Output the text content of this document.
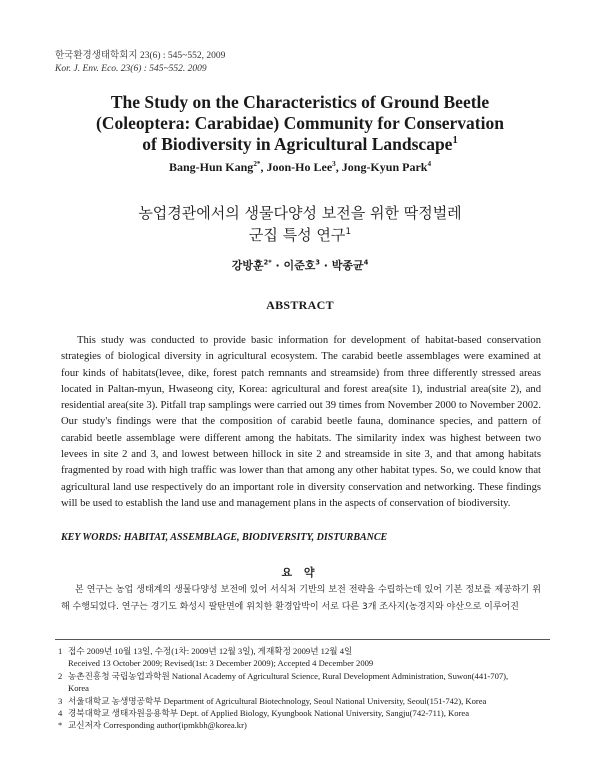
한국환경생태학회지 23(6) : 545~552, 2009
Kor. J. Env. Eco. 23(6) : 545~552. 2009
The Study on the Characteristics of Ground Beetle
(Coleoptera: Carabidae) Community for Conservation
of Biodiversity in Agricultural Landscape$^1$
Bang-Hun Kang$^{2*}$, Joon-Ho Lee$^3$, Jong-Kyun Park$^4$
농업경관에서의 생물다양성 보전을 위한 딱정벌레
군집 특성 연구$^1$
강방훈$^{2*}$ · 이준호$^3$ · 박종균$^4$
ABSTRACT

This study was conducted to provide basic information for development of habitat-based conservation strategies of biological diversity in agricultural ecosystem. The carabid beetle assemblages were examined at four kinds of habitats(levee, dike, forest patch remnants and streamside) from three differently stressed areas located in Paltan-myun, Hwaseong city, Korea: agricultural and forest area(site 1), industrial area(site 2), and residential area(site 3). Pitfall trap samplings were carried out 39 times from November 2000 to November 2002. Our study's findings were that the composition of carabid beetle fauna, dominance species, and pattern of carabid beetle assemblage were different among the habitats. The similarity index was highest between two levees in site 2 and 3, and lowest between hillock in site 2 and streamside in site 3, and that among habitats fragmented by road with high traffic was lower than that among any other habitat types. So, we could know that agricultural land use respectively do an important role in diversity conservation and networking. These findings will be used to establish the land use and management plans in the aspects of conservation of biodiversity.

KEY WORDS: HABITAT, ASSEMBLAGE, BIODIVERSITY, DISTURBANCE
요 약

본 연구는 농업 생태계의 생물다양성 보전에 있어 서식처 기반의 보전 전략을 수립하는데 있어 기본 정보를 제공하기 위해 수행되었다. 연구는 경기도 화성시 팔탄면에 위치한 환경압박이 서로 다른 3개 조사지(농경지와 야산으로 이루어진

1 접수 2009년 10월 13일, 수정(1차: 2009년 12월 3일), 게재확정 2009년 12월 4일
Received 13 October 2009; Revised(1st: 3 December 2009); Accepted 4 December 2009
2 농촌진흥청 국립농업과학원 National Academy of Agricultural Science, Rural Development Administration, Suwon(441-707),
Korea
3 서울대학교 농생명공학부 Department of Agricultural Biotechnology, Seoul National University, Seoul(151-742), Korea
4 경북대학교 생태자원응용학부 Dept. of Applied Biology, Kyungbook National University, Sangju(742-711), Korea
* 교신저자 Corresponding author(ipmkbh@korea.kr)
